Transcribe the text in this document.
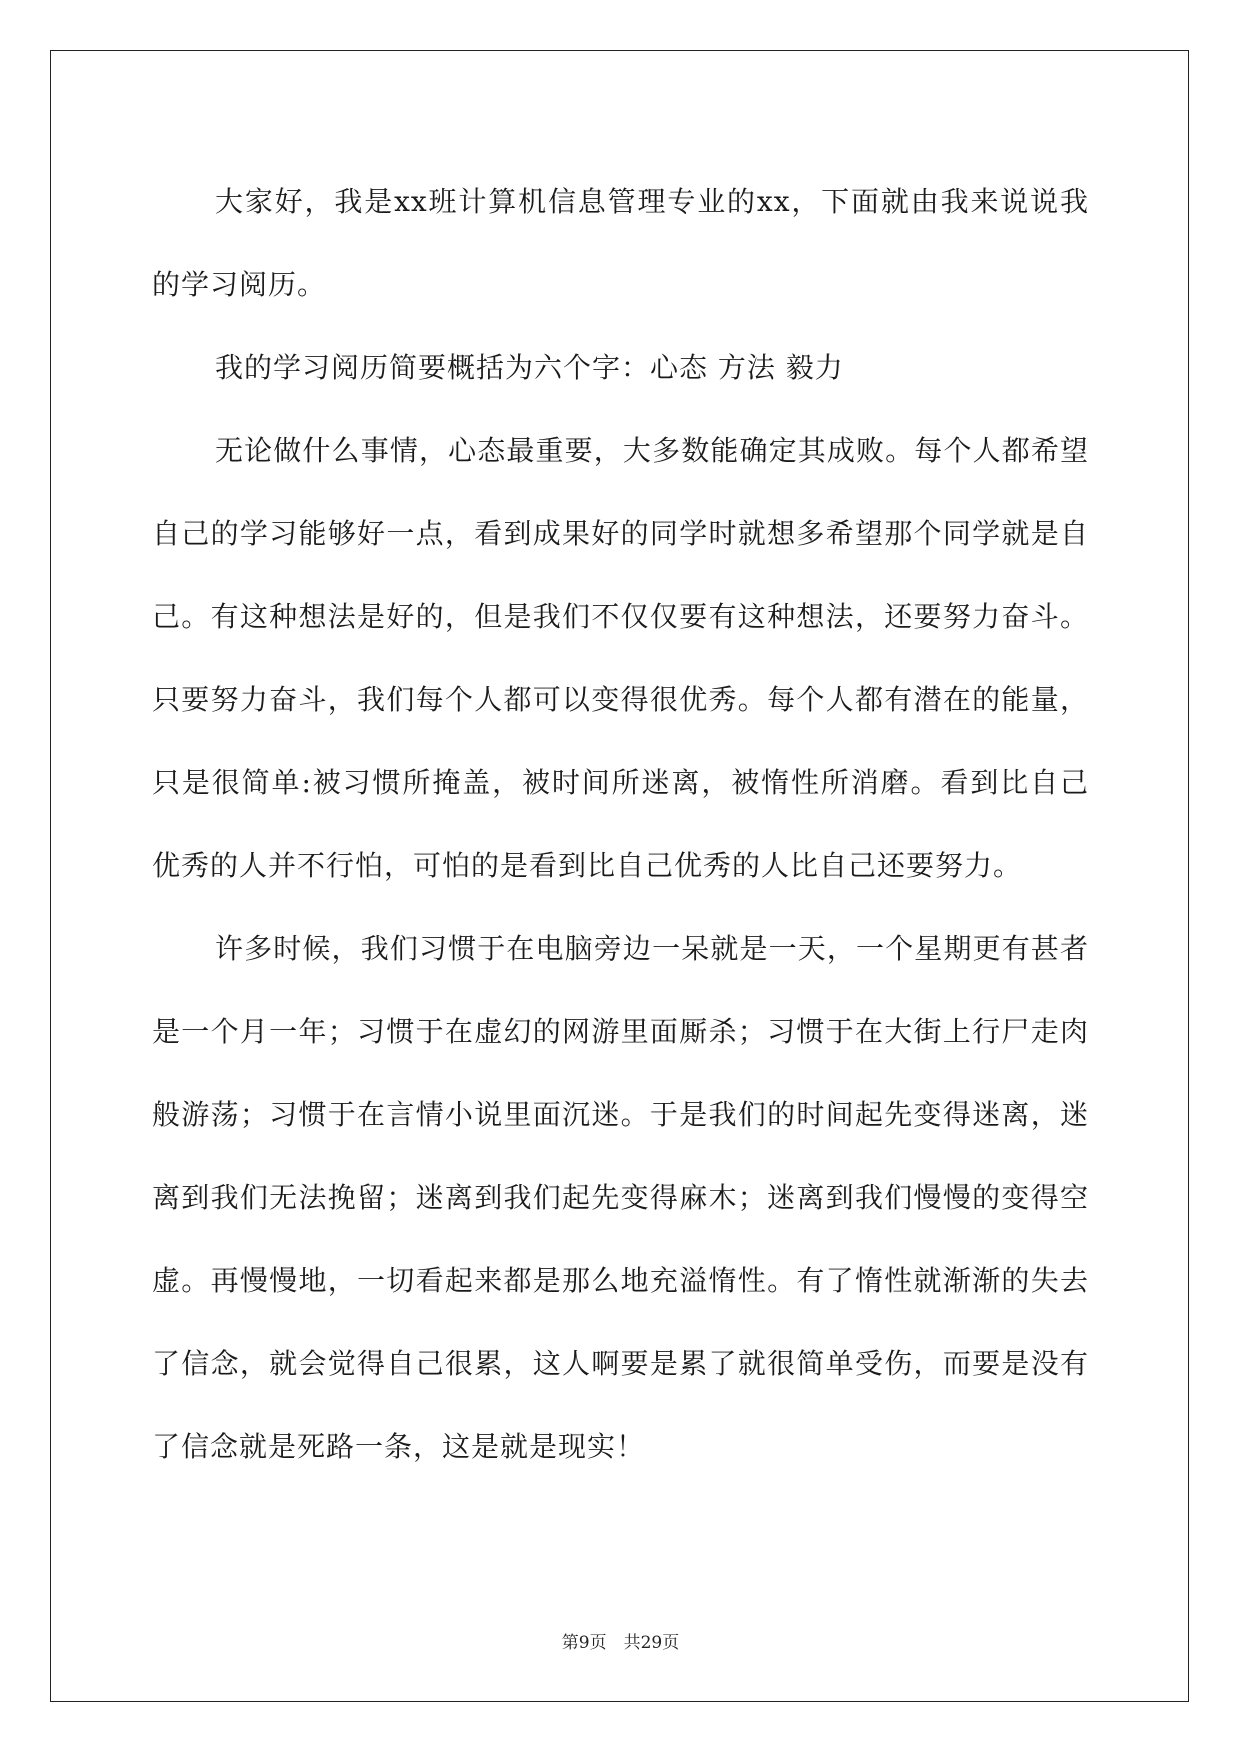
大家好，我是xx班计算机信息管理专业的xx，下面就由我来说说我的学习阅历。

我的学习阅历简要概括为六个字：心态 方法 毅力

无论做什么事情，心态最重要，大多数能确定其成败。每个人都希望自己的学习能够好一点，看到成果好的同学时就想多希望那个同学就是自己。有这种想法是好的，但是我们不仅仅要有这种想法，还要努力奋斗。只要努力奋斗，我们每个人都可以变得很优秀。每个人都有潜在的能量，只是很简单:被习惯所掩盖，被时间所迷离，被惰性所消磨。看到比自己优秀的人并不行怕，可怕的是看到比自己优秀的人比自己还要努力。

许多时候，我们习惯于在电脑旁边一呆就是一天，一个星期更有甚者是一个月一年；习惯于在虚幻的网游里面厮杀；习惯于在大街上行尸走肉般游荡；习惯于在言情小说里面沉迷。于是我们的时间起先变得迷离，迷离到我们无法挽留；迷离到我们起先变得麻木；迷离到我们慢慢的变得空虚。再慢慢地，一切看起来都是那么地充溢惰性。有了惰性就渐渐的失去了信念，就会觉得自己很累，这人啊要是累了就很简单受伤，而要是没有了信念就是死路一条，这是就是现实！

第9页　共29页
